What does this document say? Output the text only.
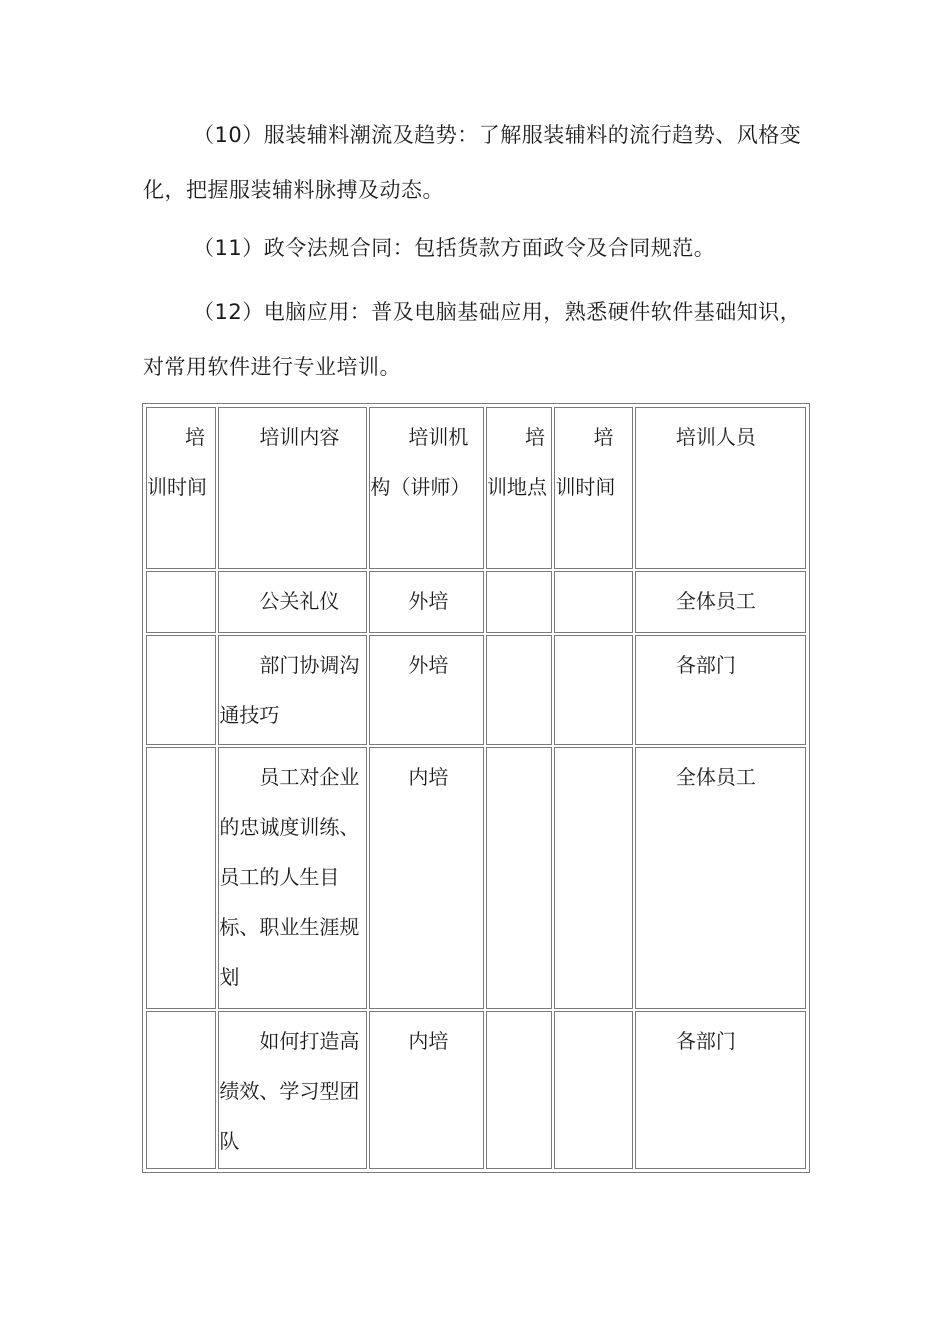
（10）服装辅料潮流及趋势：了解服装辅料的流行趋势、风格变化，把握服装辅料脉搏及动态。

（11）政令法规合同：包括货款方面政令及合同规范。

（12）电脑应用：普及电脑基础应用，熟悉硬件软件基础知识，对常用软件进行专业培训。

培训时间	培训内容	培训机构（讲师）	培训地点	培训时间	培训人员
	公关礼仪	外培			全体员工
	部门协调沟通技巧	外培			各部门
	员工对企业的忠诚度训练、员工的人生目标、职业生涯规划	内培			全体员工
	如何打造高绩效、学习型团队	内培			各部门
